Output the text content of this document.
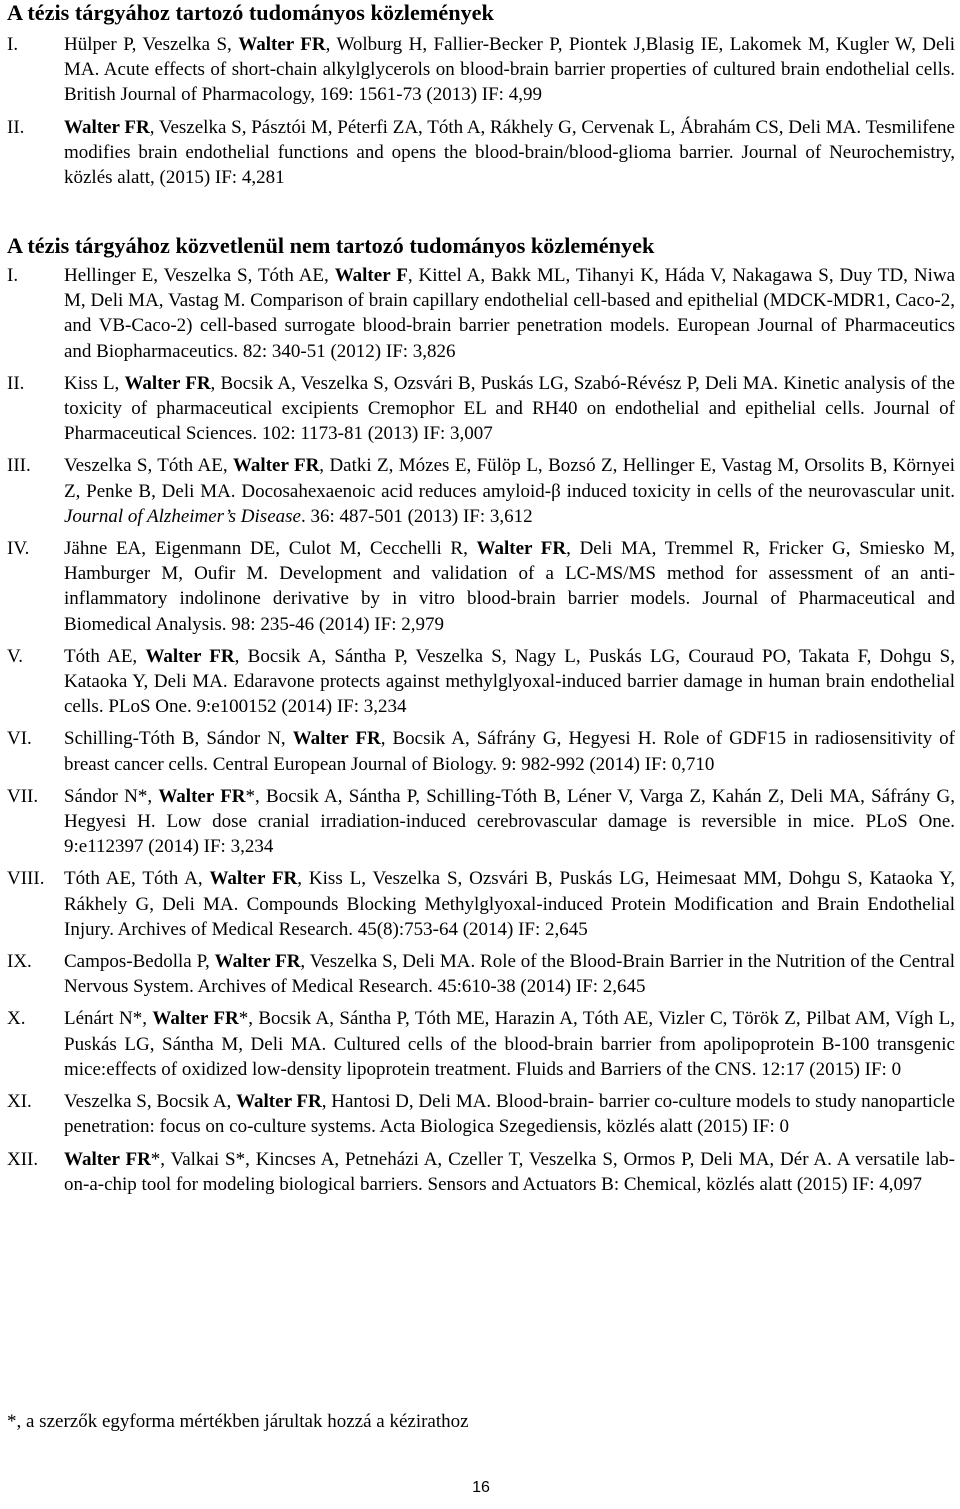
A tézis tárgyához tartozó tudományos közlemények
I.	Hülper P, Veszelka S, Walter FR, Wolburg H, Fallier-Becker P, Piontek J,Blasig IE, Lakomek M, Kugler W, Deli MA. Acute effects of short-chain alkylglycerols on blood-brain barrier properties of cultured brain endothelial cells. British Journal of Pharmacology, 169: 1561-73 (2013) IF: 4,99
II.	Walter FR, Veszelka S, Pásztói M, Péterfi ZA, Tóth A, Rákhely G, Cervenak L, Ábrahám CS, Deli MA. Tesmilifene modifies brain endothelial functions and opens the blood-brain/blood-glioma barrier. Journal of Neurochemistry, közlés alatt, (2015) IF: 4,281
A tézis tárgyához közvetlenül nem tartozó tudományos közlemények
I.	Hellinger E, Veszelka S, Tóth AE, Walter F, Kittel A, Bakk ML, Tihanyi K, Háda V, Nakagawa S, Duy TD, Niwa M, Deli MA, Vastag M. Comparison of brain capillary endothelial cell-based and epithelial (MDCK-MDR1, Caco-2, and VB-Caco-2) cell-based surrogate blood-brain barrier penetration models. European Journal of Pharmaceutics and Biopharmaceutics. 82: 340-51 (2012) IF: 3,826
II.	Kiss L, Walter FR, Bocsik A, Veszelka S, Ozsvári B, Puskás LG, Szabó-Révész P, Deli MA. Kinetic analysis of the toxicity of pharmaceutical excipients Cremophor EL and RH40 on endothelial and epithelial cells. Journal of Pharmaceutical Sciences. 102: 1173-81 (2013) IF: 3,007
III.	Veszelka S, Tóth AE, Walter FR, Datki Z, Mózes E, Fülöp L, Bozsó Z, Hellinger E, Vastag M, Orsolits B, Környei Z, Penke B, Deli MA. Docosahexaenoic acid reduces amyloid-β induced toxicity in cells of the neurovascular unit. Journal of Alzheimer’s Disease. 36: 487-501 (2013) IF: 3,612
IV.	Jähne EA, Eigenmann DE, Culot M, Cecchelli R, Walter FR, Deli MA, Tremmel R, Fricker G, Smiesko M, Hamburger M, Oufir M. Development and validation of a LC-MS/MS method for assessment of an anti- inflammatory indolinone derivative by in vitro blood-brain barrier models. Journal of Pharmaceutical and Biomedical Analysis. 98: 235-46 (2014) IF: 2,979
V.	Tóth AE, Walter FR, Bocsik A, Sántha P, Veszelka S, Nagy L, Puskás LG, Couraud PO, Takata F, Dohgu S, Kataoka Y, Deli MA. Edaravone protects against methylglyoxal-induced barrier damage in human brain endothelial cells. PLoS One. 9:e100152 (2014) IF: 3,234
VI.	Schilling-Tóth B, Sándor N, Walter FR, Bocsik A, Sáfrány G, Hegyesi H. Role of GDF15 in radiosensitivity of breast cancer cells. Central European Journal of Biology. 9: 982-992 (2014) IF: 0,710
VII.	Sándor N*, Walter FR*, Bocsik A, Sántha P, Schilling-Tóth B, Léner V, Varga Z, Kahán Z, Deli MA, Sáfrány G, Hegyesi H. Low dose cranial irradiation-induced cerebrovascular damage is reversible in mice. PLoS One. 9:e112397 (2014) IF: 3,234
VIII.	Tóth AE, Tóth A, Walter FR, Kiss L, Veszelka S, Ozsvári B, Puskás LG, Heimesaat MM, Dohgu S, Kataoka Y, Rákhely G, Deli MA. Compounds Blocking Methylglyoxal-induced Protein Modification and Brain Endothelial Injury. Archives of Medical Research. 45(8):753-64 (2014) IF: 2,645
IX.	Campos-Bedolla P, Walter FR, Veszelka S, Deli MA. Role of the Blood-Brain Barrier in the Nutrition of the Central Nervous System. Archives of Medical Research. 45:610-38 (2014) IF: 2,645
X.	Lénárt N*, Walter FR*, Bocsik A, Sántha P, Tóth ME, Harazin A, Tóth AE, Vizler C, Török Z, Pilbat AM, Vígh L, Puskás LG, Sántha M, Deli MA. Cultured cells of the blood-brain barrier from apolipoprotein B-100 transgenic mice:effects of oxidized low-density lipoprotein treatment. Fluids and Barriers of the CNS. 12:17 (2015) IF: 0
XI.	Veszelka S, Bocsik A, Walter FR, Hantosi D, Deli MA. Blood-brain- barrier co-culture models to study nanoparticle penetration: focus on co-culture systems. Acta Biologica Szegediensis, közlés alatt (2015) IF: 0
XII.	Walter FR*, Valkai S*, Kincses A, Petneházi A, Czeller T, Veszelka S, Ormos P, Deli MA, Dér A. A versatile lab-on-a-chip tool for modeling biological barriers. Sensors and Actuators B: Chemical, közlés alatt (2015) IF: 4,097
*, a szerzők egyforma mértékben járultak hozzá a kézirathoz
16
